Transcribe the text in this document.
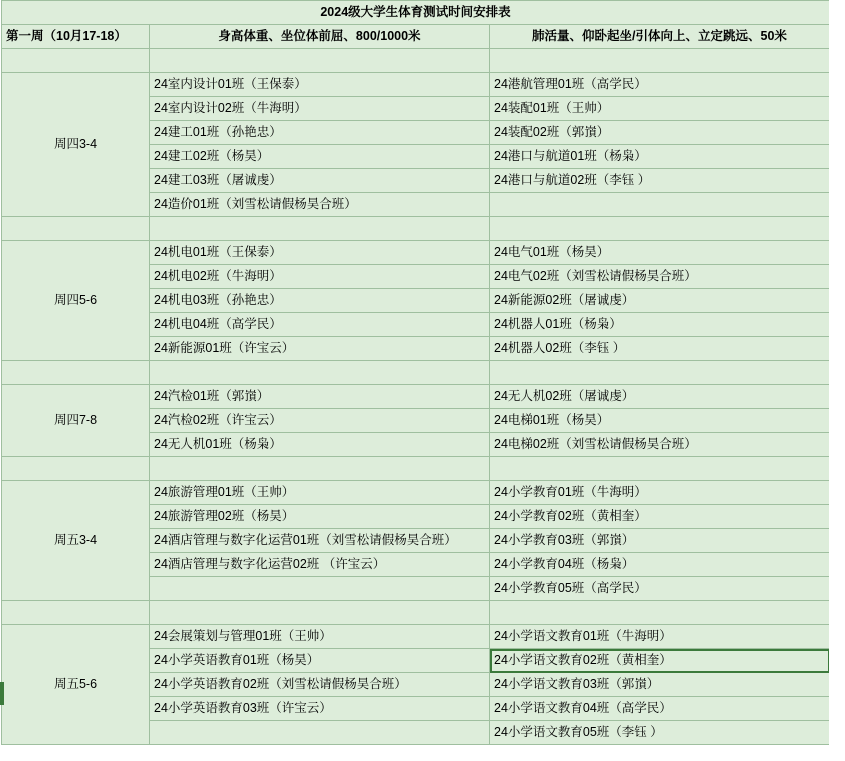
2024级大学生体育测试时间安排表		
第一周（10月17-18）	身高体重、坐位体前屈、800/1000米	肺活量、仰卧起坐/引体向上、立定跳远、50米

周四3-4	24室内设计01班（王保泰）	24港航管理01班（高学民）
	24室内设计02班（牛海明）	24装配01班（王帅）
	24建工01班（孙艳忠）	24装配02班（郭嵿）
	24建工02班（杨昊）	24港口与航道01班（杨枭）
	24建工03班（屠诚虔）	24港口与航道02班（李钰 ）
	24造价01班（刘雪松请假杨昊合班）	

周四5-6	24机电01班（王保泰）	24电气01班（杨昊）
	24机电02班（牛海明）	24电气02班（刘雪松请假杨昊合班）
	24机电03班（孙艳忠）	24新能源02班（屠诚虔）
	24机电04班（高学民）	24机器人01班（杨枭）
	24新能源01班（许宝云）	24机器人02班（李钰 ）

周四7-8	24汽检01班（郭嵿）	24无人机02班（屠诚虔）
	24汽检02班（许宝云）	24电梯01班（杨昊）
	24无人机01班（杨枭）	24电梯02班（刘雪松请假杨昊合班）

周五3-4	24旅游管理01班（王帅）	24小学教育01班（牛海明）
	24旅游管理02班（杨昊）	24小学教育02班（黄相奎）
	24酒店管理与数字化运营01班（刘雪松请假杨昊合班）	24小学教育03班（郭嵿）
	24酒店管理与数字化运营02班 （许宝云）	24小学教育04班（杨枭）
		24小学教育05班（高学民）

周五5-6	24会展策划与管理01班（王帅）	24小学语文教育01班（牛海明）
	24小学英语教育01班（杨昊）	24小学语文教育02班（黄相奎）
	24小学英语教育02班（刘雪松请假杨昊合班）	24小学语文教育03班（郭嵿）
	24小学英语教育03班（许宝云）	24小学语文教育04班（高学民）
		24小学语文教育05班（李钰 ）
